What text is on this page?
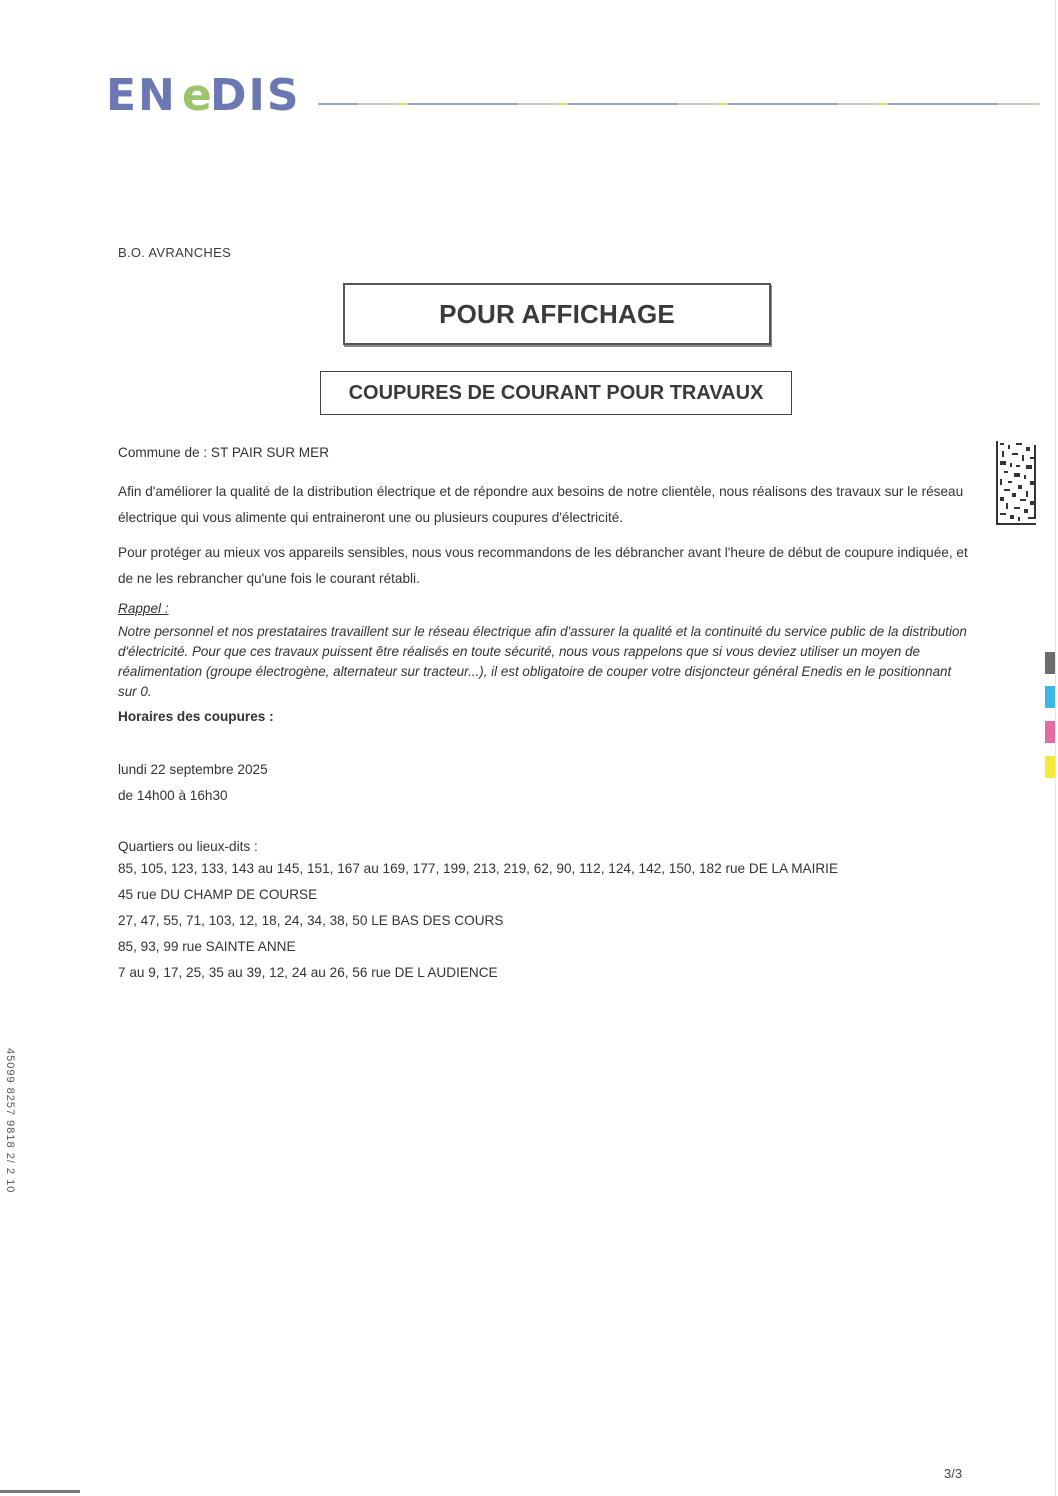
EN e
DIS
B.O. AVRANCHES
POUR AFFICHAGE
COUPURES DE COURANT POUR TRAVAUX
Commune de : ST PAIR SUR MER
Afin d'améliorer la qualité de la distribution électrique et de répondre aux besoins de notre clientèle, nous réalisons des travaux sur le réseau électrique qui vous alimente qui entraineront une ou plusieurs coupures d'électricité.
Pour protéger au mieux vos appareils sensibles, nous vous recommandons de les débrancher avant l'heure de début de coupure indiquée, et de ne les rebrancher qu'une fois le courant rétabli.
Rappel :
Notre personnel et nos prestataires travaillent sur le réseau électrique afin d'assurer la qualité et la continuité du service public de la distribution d'électricité. Pour que ces travaux puissent être réalisés en toute sécurité, nous vous rappelons que si vous deviez utiliser un moyen de réalimentation (groupe électrogène, alternateur sur tracteur...), il est obligatoire de couper votre disjoncteur général Enedis en le positionnant sur 0.
Horaires des coupures :
lundi 22 septembre 2025
de 14h00 à 16h30
Quartiers ou lieux-dits :
85, 105, 123, 133, 143 au 145, 151, 167 au 169, 177, 199, 213, 219, 62, 90, 112, 124, 142, 150, 182 rue DE LA MAIRIE
45 rue DU CHAMP DE COURSE
27, 47, 55, 71, 103, 12, 18, 24, 34, 38, 50 LE BAS DES COURS
85, 93, 99 rue SAINTE ANNE
7 au 9, 17, 25, 35 au 39, 12, 24 au 26, 56 rue DE L AUDIENCE
45099 8257 9818 2/ 2 10
3/3
